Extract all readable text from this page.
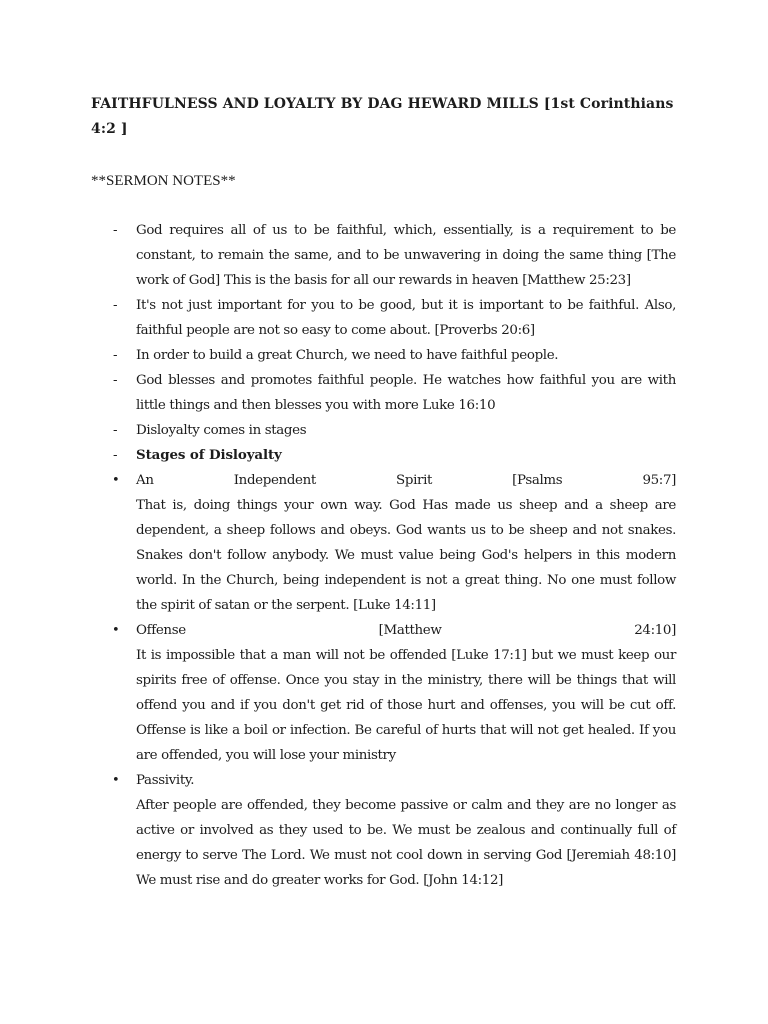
FAITHFULNESS AND LOYALTY BY DAG HEWARD MILLS [1st Corinthians 4:2 ]
**SERMON NOTES**
-	God requires all of us to be faithful, which, essentially, is a requirement to be constant, to remain the same, and to be unwavering in doing the same thing [The work of God] This is the basis for all our rewards in heaven [Matthew 25:23]
-	It's not just important for you to be good, but it is important to be faithful. Also, faithful people are not so easy to come about. [Proverbs 20:6]
-	In order to build a great Church, we need to have faithful people.
-	God blesses and promotes faithful people. He watches how faithful you are with little things and then blesses you with more Luke 16:10
-	Disloyalty comes in stages
-	Stages of Disloyalty
•	An	Independent	Spirit	[Psalms	95:7]
That is, doing things your own way. God Has made us sheep and a sheep are dependent, a sheep follows and obeys. God wants us to be sheep and not snakes. Snakes don't follow anybody. We must value being God's helpers in this modern world. In the Church, being independent is not a great thing. No one must follow the spirit of satan or the serpent. [Luke 14:11]
•	Offense	[Matthew	24:10]
It is impossible that a man will not be offended [Luke 17:1] but we must keep our spirits free of offense. Once you stay in the ministry, there will be things that will offend you and if you don't get rid of those hurt and offenses, you will be cut off. Offense is like a boil or infection. Be careful of hurts that will not get healed. If you are offended, you will lose your ministry
•	Passivity.
After people are offended, they become passive or calm and they are no longer as active or involved as they used to be. We must be zealous and continually full of energy to serve The Lord. We must not cool down in serving God [Jeremiah 48:10] We must rise and do greater works for God. [John 14:12]
